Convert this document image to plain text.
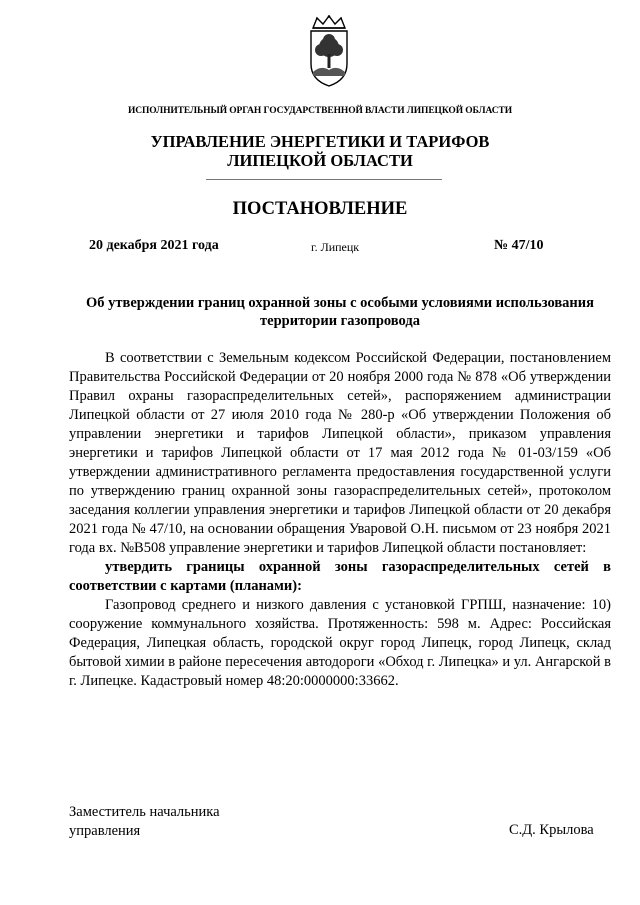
ИСПОЛНИТЕЛЬНЫЙ ОРГАН ГОСУДАРСТВЕННОЙ ВЛАСТИ ЛИПЕЦКОЙ ОБЛАСТИ
УПРАВЛЕНИЕ ЭНЕРГЕТИКИ И ТАРИФОВ
ЛИПЕЦКОЙ ОБЛАСТИ
ПОСТАНОВЛЕНИЕ
20 декабря 2021 года	г. Липецк	№ 47/10
Об утверждении границ охранной зоны с особыми условиями использования территории газопровода

В соответствии с Земельным кодексом Российской Федерации, постановлением Правительства Российской Федерации от 20 ноября 2000 года № 878 «Об утверждении Правил охраны газораспределительных сетей», распоряжением администрации Липецкой области от 27 июля 2010 года № 280-р «Об утверждении Положения об управлении энергетики и тарифов Липецкой области», приказом управления энергетики и тарифов Липецкой области от 17 мая 2012 года № 01-03/159 «Об утверждении административного регламента предоставления государственной услуги по утверждению границ охранной зоны газораспределительных сетей», протоколом заседания коллегии управления энергетики и тарифов Липецкой области от 20 декабря 2021 года № 47/10, на основании обращения Уваровой О.Н. письмом от 23 ноября 2021 года вх. №В508 управление энергетики и тарифов Липецкой области постановляет:

утвердить границы охранной зоны газораспределительных сетей в соответствии с картами (планами):

Газопровод среднего и низкого давления с установкой ГРПШ, назначение: 10) сооружение коммунального хозяйства. Протяженность: 598 м. Адрес: Российская Федерация, Липецкая область, городской округ город Липецк, город Липецк, склад бытовой химии в районе пересечения автодороги «Обход г. Липецка» и ул. Ангарской в г. Липецке. Кадастровый номер 48:20:0000000:33662.

Заместитель начальника
управления	С.Д. Крылова
